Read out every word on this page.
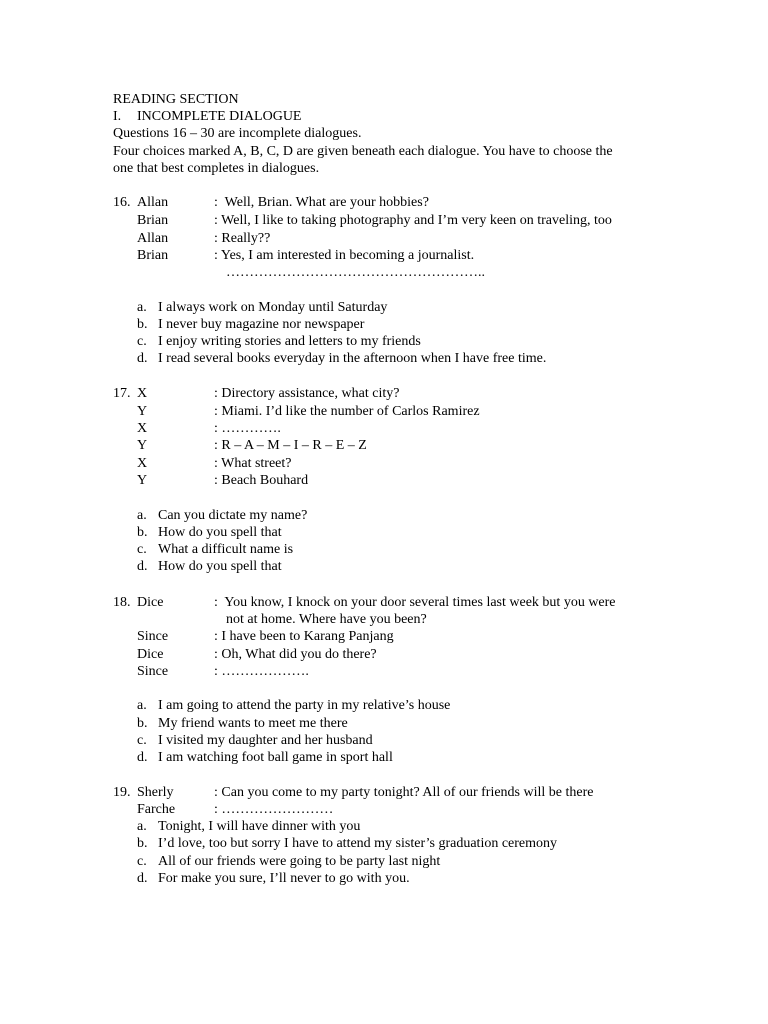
READING SECTION
I. INCOMPLETE DIALOGUE
Questions 16 – 30 are incomplete dialogues.
Four choices marked A, B, C, D are given beneath each dialogue. You have to choose the
one that best completes in dialogues.
16. Allan	:  Well, Brian. What are your hobbies?
Brian	: Well, I like to taking photography and I’m very keen on traveling, too
Allan	: Really??
Brian	: Yes, I am interested in becoming a journalist.
………………………………………………..
a. I always work on Monday until Saturday
b. I never buy magazine nor newspaper
c. I enjoy writing stories and letters to my friends
d. I read several books everyday in the afternoon when I have free time.
17. X	: Directory assistance, what city?
Y	: Miami. I’d like the number of Carlos Ramirez
X	: ………….
Y	: R – A – M – I – R – E – Z
X	: What street?
Y	: Beach Bouhard
a. Can you dictate my name?
b. How do you spell that
c. What a difficult name is
d. How do you spell that
18. Dice	:  You know, I knock on your door several times last week but you were
not at home. Where have you been?
Since	: I have been to Karang Panjang
Dice	: Oh, What did you do there?
Since	: ……………….
a. I am going to attend the party in my relative’s house
b. My friend wants to meet me there
c. I visited my daughter and her husband
d. I am watching foot ball game in sport hall
19. Sherly	: Can you come to my party tonight? All of our friends will be there
Farche	: ……………………
a. Tonight, I will have dinner with you
b. I’d love, too but sorry I have to attend my sister’s graduation ceremony
c. All of our friends were going to be party last night
d. For make you sure, I’ll never to go with you.
